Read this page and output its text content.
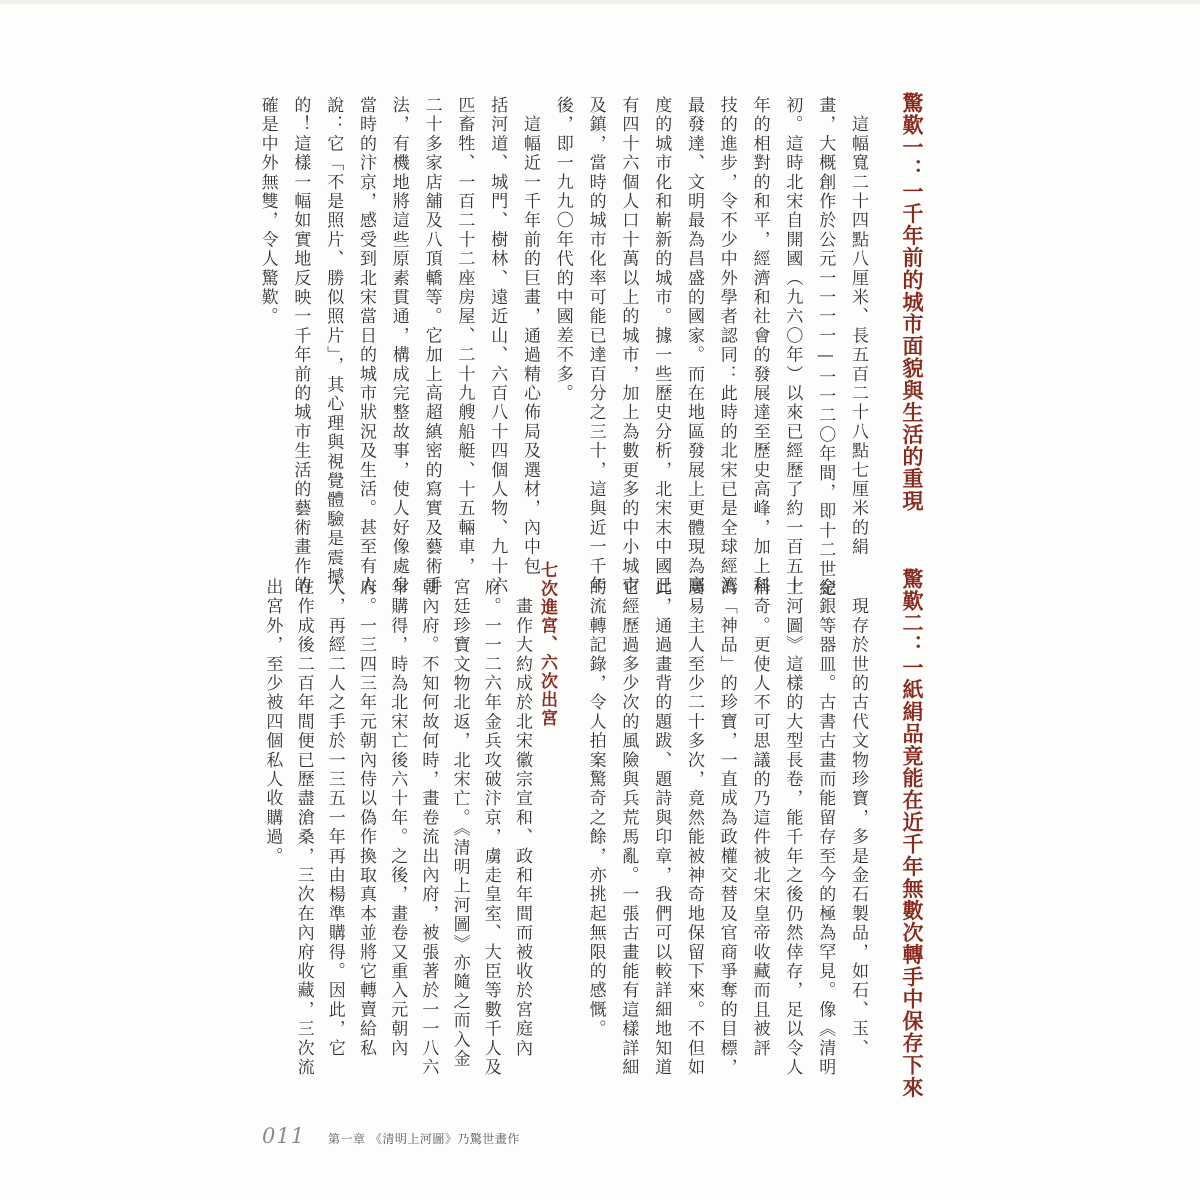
驚歎一：一千年前的城市面貌與生活的重現
　這幅寬二十四點八厘米、長五百二十八點七厘米的絹
畫，大概創作於公元一一一一—一一二〇年間，即十二世紀
初。這時北宋自開國（九六〇年）以來已經歷了約一百五十
年的相對的和平，經濟和社會的發展達至歷史高峰，加上科
技的進步，令不少中外學者認同：此時的北宋已是全球經濟
最發達、文明最為昌盛的國家。而在地區發展上更體現為高
度的城市化和嶄新的城市。據一些歷史分析，北宋末中國已
有四十六個人口十萬以上的城市，加上為數更多的中小城市
及鎮，當時的城市化率可能已達百分之三十，這與近一千年
後，即一九九〇年代的中國差不多。
　這幅近一千年前的巨畫，通過精心佈局及選材，內中包
括河道、城門、樹林、遠近山、六百八十四個人物、九十六
匹畜牲、一百二十二座房屋、二十九艘船艇、十五輛車，
二十多家店舖及八頂轎等。它加上高超縝密的寫實及藝術手
法，有機地將這些原素貫通，構成完整故事，使人好像處身
當時的汴京，感受到北宋當日的城市狀況及生活。甚至有人
說：它「不是照片、勝似照片」，其心理與視覺體驗是震撼
的！這樣一幅如實地反映一千年前的城市生活的藝術畫作的
確是中外無雙，令人驚歎。
驚歎二：一紙絹品竟能在近千年無數次轉手中保存下來
　現存於世的古代文物珍寶，多是金石製品，如石、玉、
金銀等器皿。古書古畫而能留存至今的極為罕見。像《清明
上河圖》這樣的大型長卷，能千年之後仍然倖存，足以令人
稱奇。更使人不可思議的乃這件被北宋皇帝收藏而且被評
為「神品」的珍寶，一直成為政權交替及官商爭奪的目標，
屢易主人至少二十多次，竟然能被神奇地保留下來。不但如
此，通過畫背的題跋、題詩與印章，我們可以較詳細地知道
它經歷過多少次的風險與兵荒馬亂。一張古畫能有這樣詳細
的流轉記錄，令人拍案驚奇之餘，亦挑起無限的感慨。
七次進宮、六次出宮
　畫作大約成於北宋徽宗宣和、政和年間而被收於宮庭內
府。一一二六年金兵攻破汴京，虜走皇室、大臣等數千人及
宮廷珍寶文物北返，北宋亡。《清明上河圖》亦隨之而入金
朝內府。不知何故何時，畫卷流出內府，被張著於一一八六
年購得，時為北宋亡後六十年。之後，畫卷又重入元朝內
府。一三四三年元朝內侍以偽作換取真本並將它轉賣給私
人，再經二人之手於一三五一年再由楊準購得。因此，它
在作成後二百年間便已歷盡滄桑，三次在內府收藏，三次流
出宮外，至少被四個私人收購過。
011 第一章 《清明上河圖》乃驚世畫作
